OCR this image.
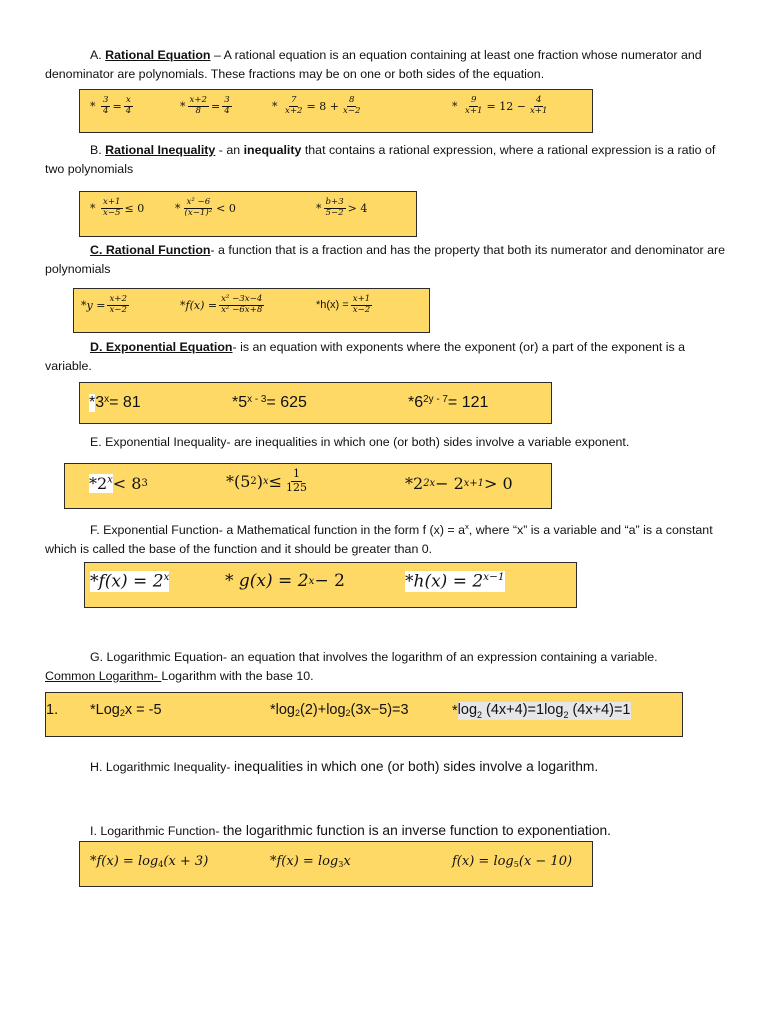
A. Rational Equation – A rational equation is an equation containing at least one fraction whose numerator and denominator are polynomials. These fractions may be on one or both sides of the equation.
*
$\frac{3}{4} = \frac{x}{4}$	* $\frac{x+2}{8} = \frac{3}{4}$	*
$\frac{7}{x+2} = 8 + \frac{8}{x-2}$	*
$\frac{9}{x+1} = 12 - \frac{4}{x+1}$
B. Rational Inequality - an inequality that contains a rational expression, where a rational expression is a ratio of two polynomials
*
$\frac{x+1}{x-5} \le 0$	* $\frac{\text{x² −6}}{\text{(x−1)²}} < 0$	* $\frac{b+3}{5-2} > 4$
C. Rational Function- a function that is a fraction and has the property that both its numerator and denominator are polynomials
$*y = \frac{x+2}{x-2}$	$*f(x) = \frac{\text{x² −3x−4}}{\text{x² −6x+8}}$	$*h(x) = \frac{x+1}{x-2}$
D. Exponential Equation- is an equation with exponents where the exponent (or) a part of the exponent is a variable.
* $3^x = 81$	* $5^{x - 3} = 625$	* $6^{2y - 7} = 121$
E. Exponential Inequality- are inequalities in which one (or both) sides involve a variable exponent.
$*2^x < 8$ 3	*(5 2 ) $x \le \frac{1}{125}$	*2 2x − 2 x+1 > 0
F. Exponential Function- a Mathematical function in the form f $(x) = a^x$, where “x” is a variable and “a” is a constant which is called the base of the function and it should be greater than 0.
$*f(x) = 2^x$	* g(x) = 2 x − 2	$*h(x) = 2^{x-1}$
G. Logarithmic Equation- an equation that involves the logarithm of an expression containing a variable.
Common Logarithm- Logarithm with the base 10.
1. *Log$_2$ x = -5	$*\log_2$ $(2)+\log_2$ (3x−5)=3	* $\log_2 (4x+4)=1\log_2$ (4x+4)=1
H. Logarithmic Inequality- inequalities in which one (or both) sides involve a logarithm.
I. Logarithmic Function- the logarithmic function is an inverse function to exponentiation.
* $f(x) = \log_4 (x + 3)$	* $f(x) = \log_3 x$	$f(x) = \log_5 (x - 10)$
